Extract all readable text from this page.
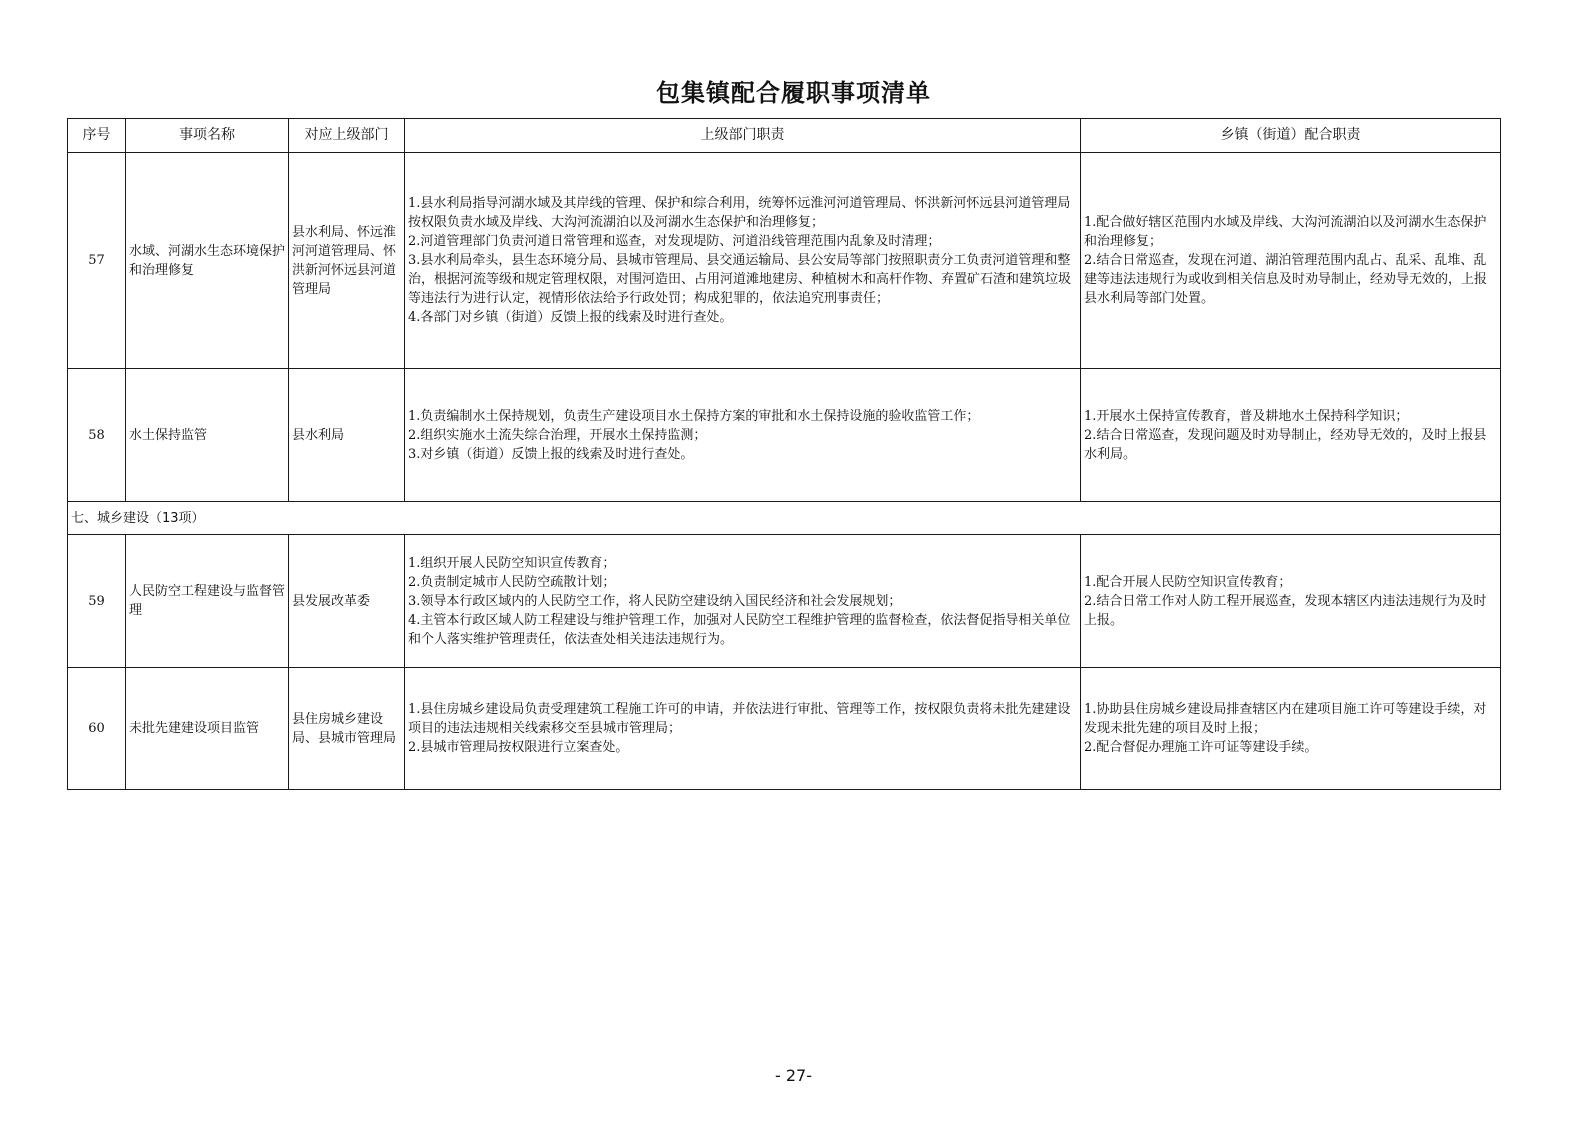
包集镇配合履职事项清单
序号	事项名称	对应上级部门	上级部门职责	乡镇（街道）配合职责
57	水域、河湖水生态环境保护和治理修复	县水利局、怀远淮河河道管理局、怀洪新河怀远县河道管理局	1.县水利局指导河湖水域及其岸线的管理、保护和综合利用，统筹怀远淮河河道管理局、怀洪新河怀远县河道管理局按权限负责水域及岸线、大沟河流湖泊以及河湖水生态保护和治理修复；
2.河道管理部门负责河道日常管理和巡查，对发现堤防、河道沿线管理范围内乱象及时清理；
3.县水利局牵头，县生态环境分局、县城市管理局、县交通运输局、县公安局等部门按照职责分工负责河道管理和整治，根据河流等级和规定管理权限，对围河造田、占用河道滩地建房、种植树木和高杆作物、弃置矿石渣和建筑垃圾等违法行为进行认定，视情形依法给予行政处罚；构成犯罪的，依法追究刑事责任；
4.各部门对乡镇（街道）反馈上报的线索及时进行查处。	1.配合做好辖区范围内水域及岸线、大沟河流湖泊以及河湖水生态保护和治理修复；
2.结合日常巡查，发现在河道、湖泊管理范围内乱占、乱采、乱堆、乱建等违法违规行为或收到相关信息及时劝导制止，经劝导无效的，上报县水利局等部门处置。

58	水土保持监管	县水利局	1.负责编制水土保持规划，负责生产建设项目水土保持方案的审批和水土保持设施的验收监管工作；
2.组织实施水土流失综合治理，开展水土保持监测；
3.对乡镇（街道）反馈上报的线索及时进行查处。	1.开展水土保持宣传教育，普及耕地水土保持科学知识；
2.结合日常巡查，发现问题及时劝导制止，经劝导无效的，及时上报县水利局。

七、城乡建设（13项）				
59	人民防空工程建设与监督管理	县发展改革委	1.组织开展人民防空知识宣传教育；
2.负责制定城市人民防空疏散计划；
3.领导本行政区域内的人民防空工作，将人民防空建设纳入国民经济和社会发展规划；
4.主管本行政区域人防工程建设与维护管理工作，加强对人民防空工程维护管理的监督检查，依法督促指导相关单位和个人落实维护管理责任，依法查处相关违法违规行为。	1.配合开展人民防空知识宣传教育；
2.结合日常工作对人防工程开展巡查，发现本辖区内违法违规行为及时上报。

60	未批先建建设项目监管	县住房城乡建设局、县城市管理局	1.县住房城乡建设局负责受理建筑工程施工许可的申请，并依法进行审批、管理等工作，按权限负责将未批先建建设项目的违法违规相关线索移交至县城市管理局；
2.县城市管理局按权限进行立案查处。	1.协助县住房城乡建设局排查辖区内在建项目施工许可等建设手续，对发现未批先建的项目及时上报；
2.配合督促办理施工许可证等建设手续。
- 27-
